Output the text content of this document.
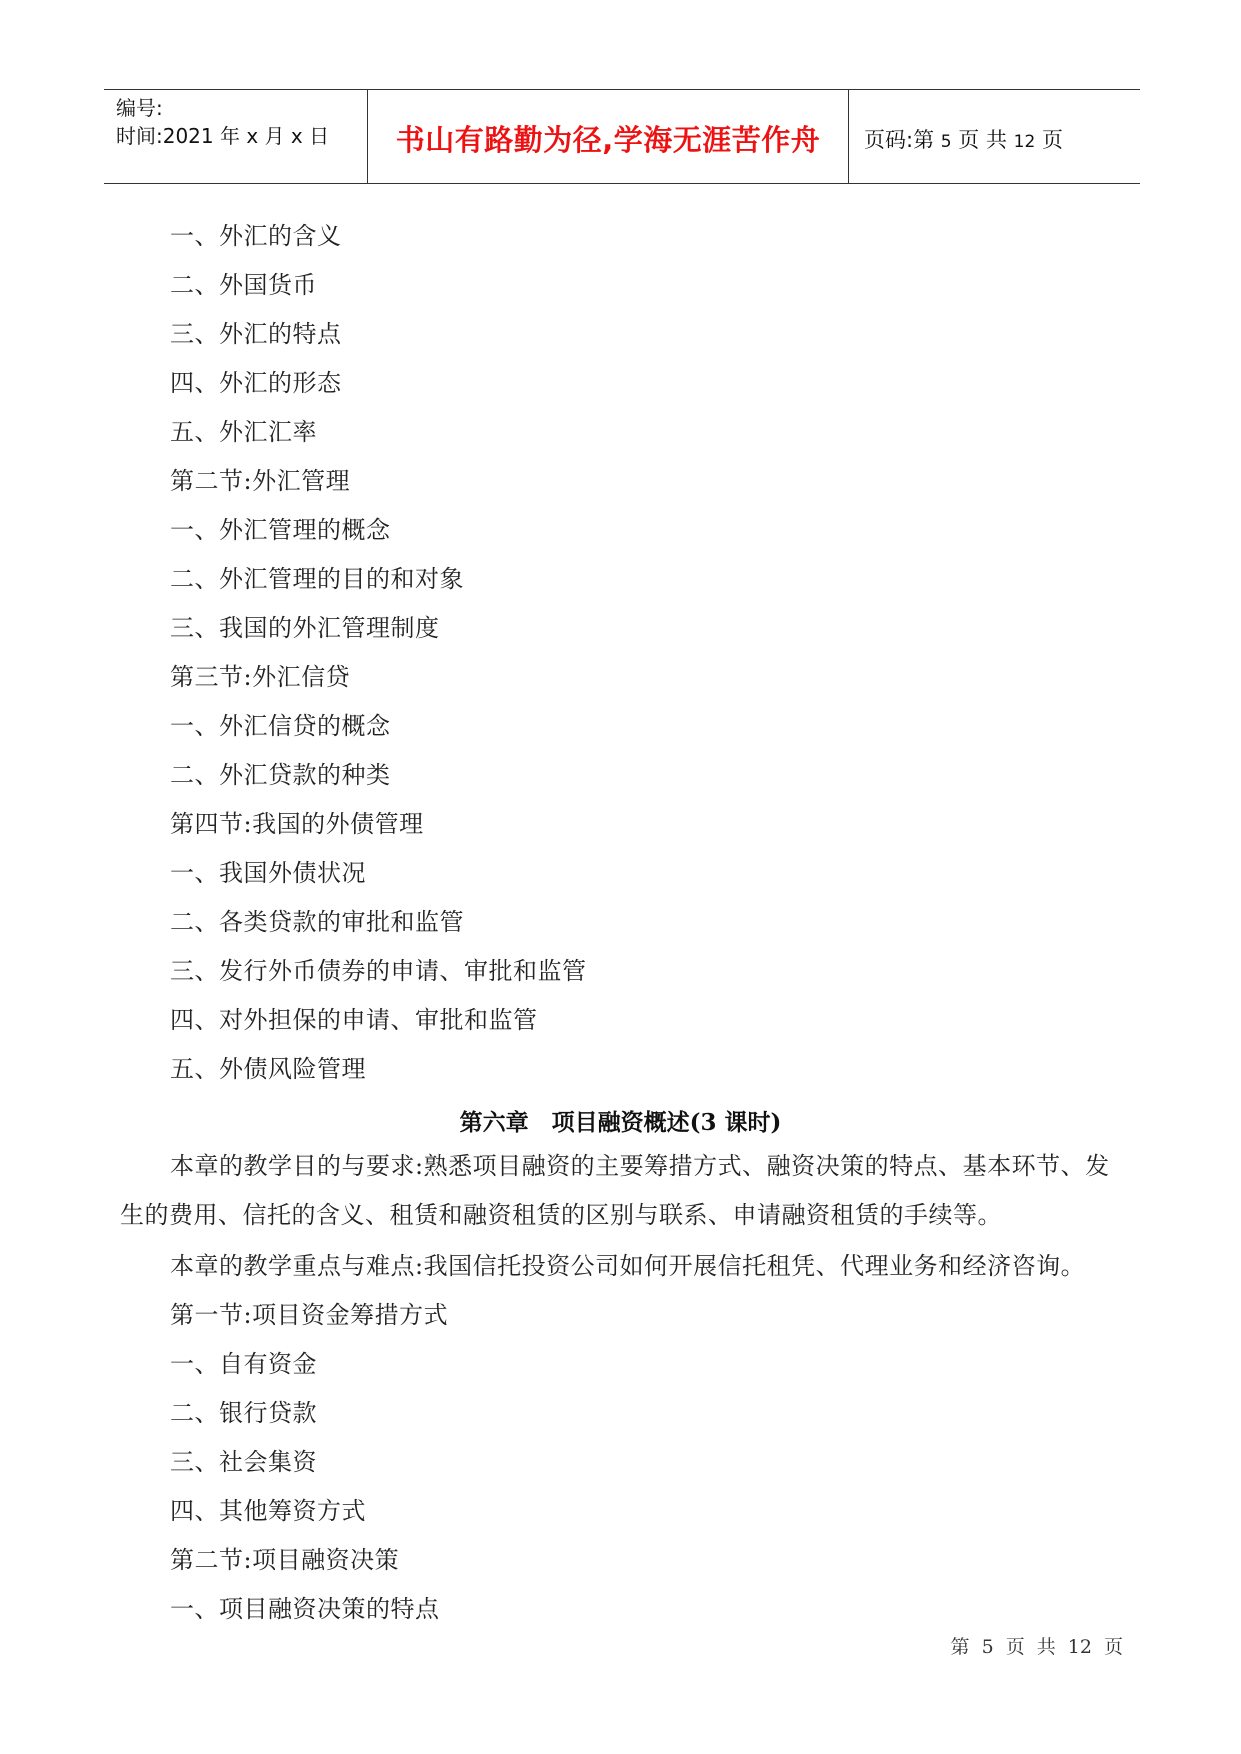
编号:
时间:2021 年 x 月 x 日	书山有路勤为径,学海无涯苦作舟	页码:第 5 页 共 12 页
一、外汇的含义
二、外国货币
三、外汇的特点
四、外汇的形态
五、外汇汇率
第二节:外汇管理
一、外汇管理的概念
二、外汇管理的目的和对象
三、我国的外汇管理制度
第三节:外汇信贷
一、外汇信贷的概念
二、外汇贷款的种类
第四节:我国的外债管理
一、我国外债状况
二、各类贷款的审批和监管
三、发行外币债券的申请、审批和监管
四、对外担保的申请、审批和监管
五、外债风险管理
第六章　项目融资概述(3 课时)
本章的教学目的与要求:熟悉项目融资的主要筹措方式、融资决策的特点、基本环节、发生的费用、信托的含义、租赁和融资租赁的区别与联系、申请融资租赁的手续等。
本章的教学重点与难点:我国信托投资公司如何开展信托租凭、代理业务和经济咨询。
第一节:项目资金筹措方式
一、自有资金
二、银行贷款
三、社会集资
四、其他筹资方式
第二节:项目融资决策
一、项目融资决策的特点
第 5 页 共 12 页
